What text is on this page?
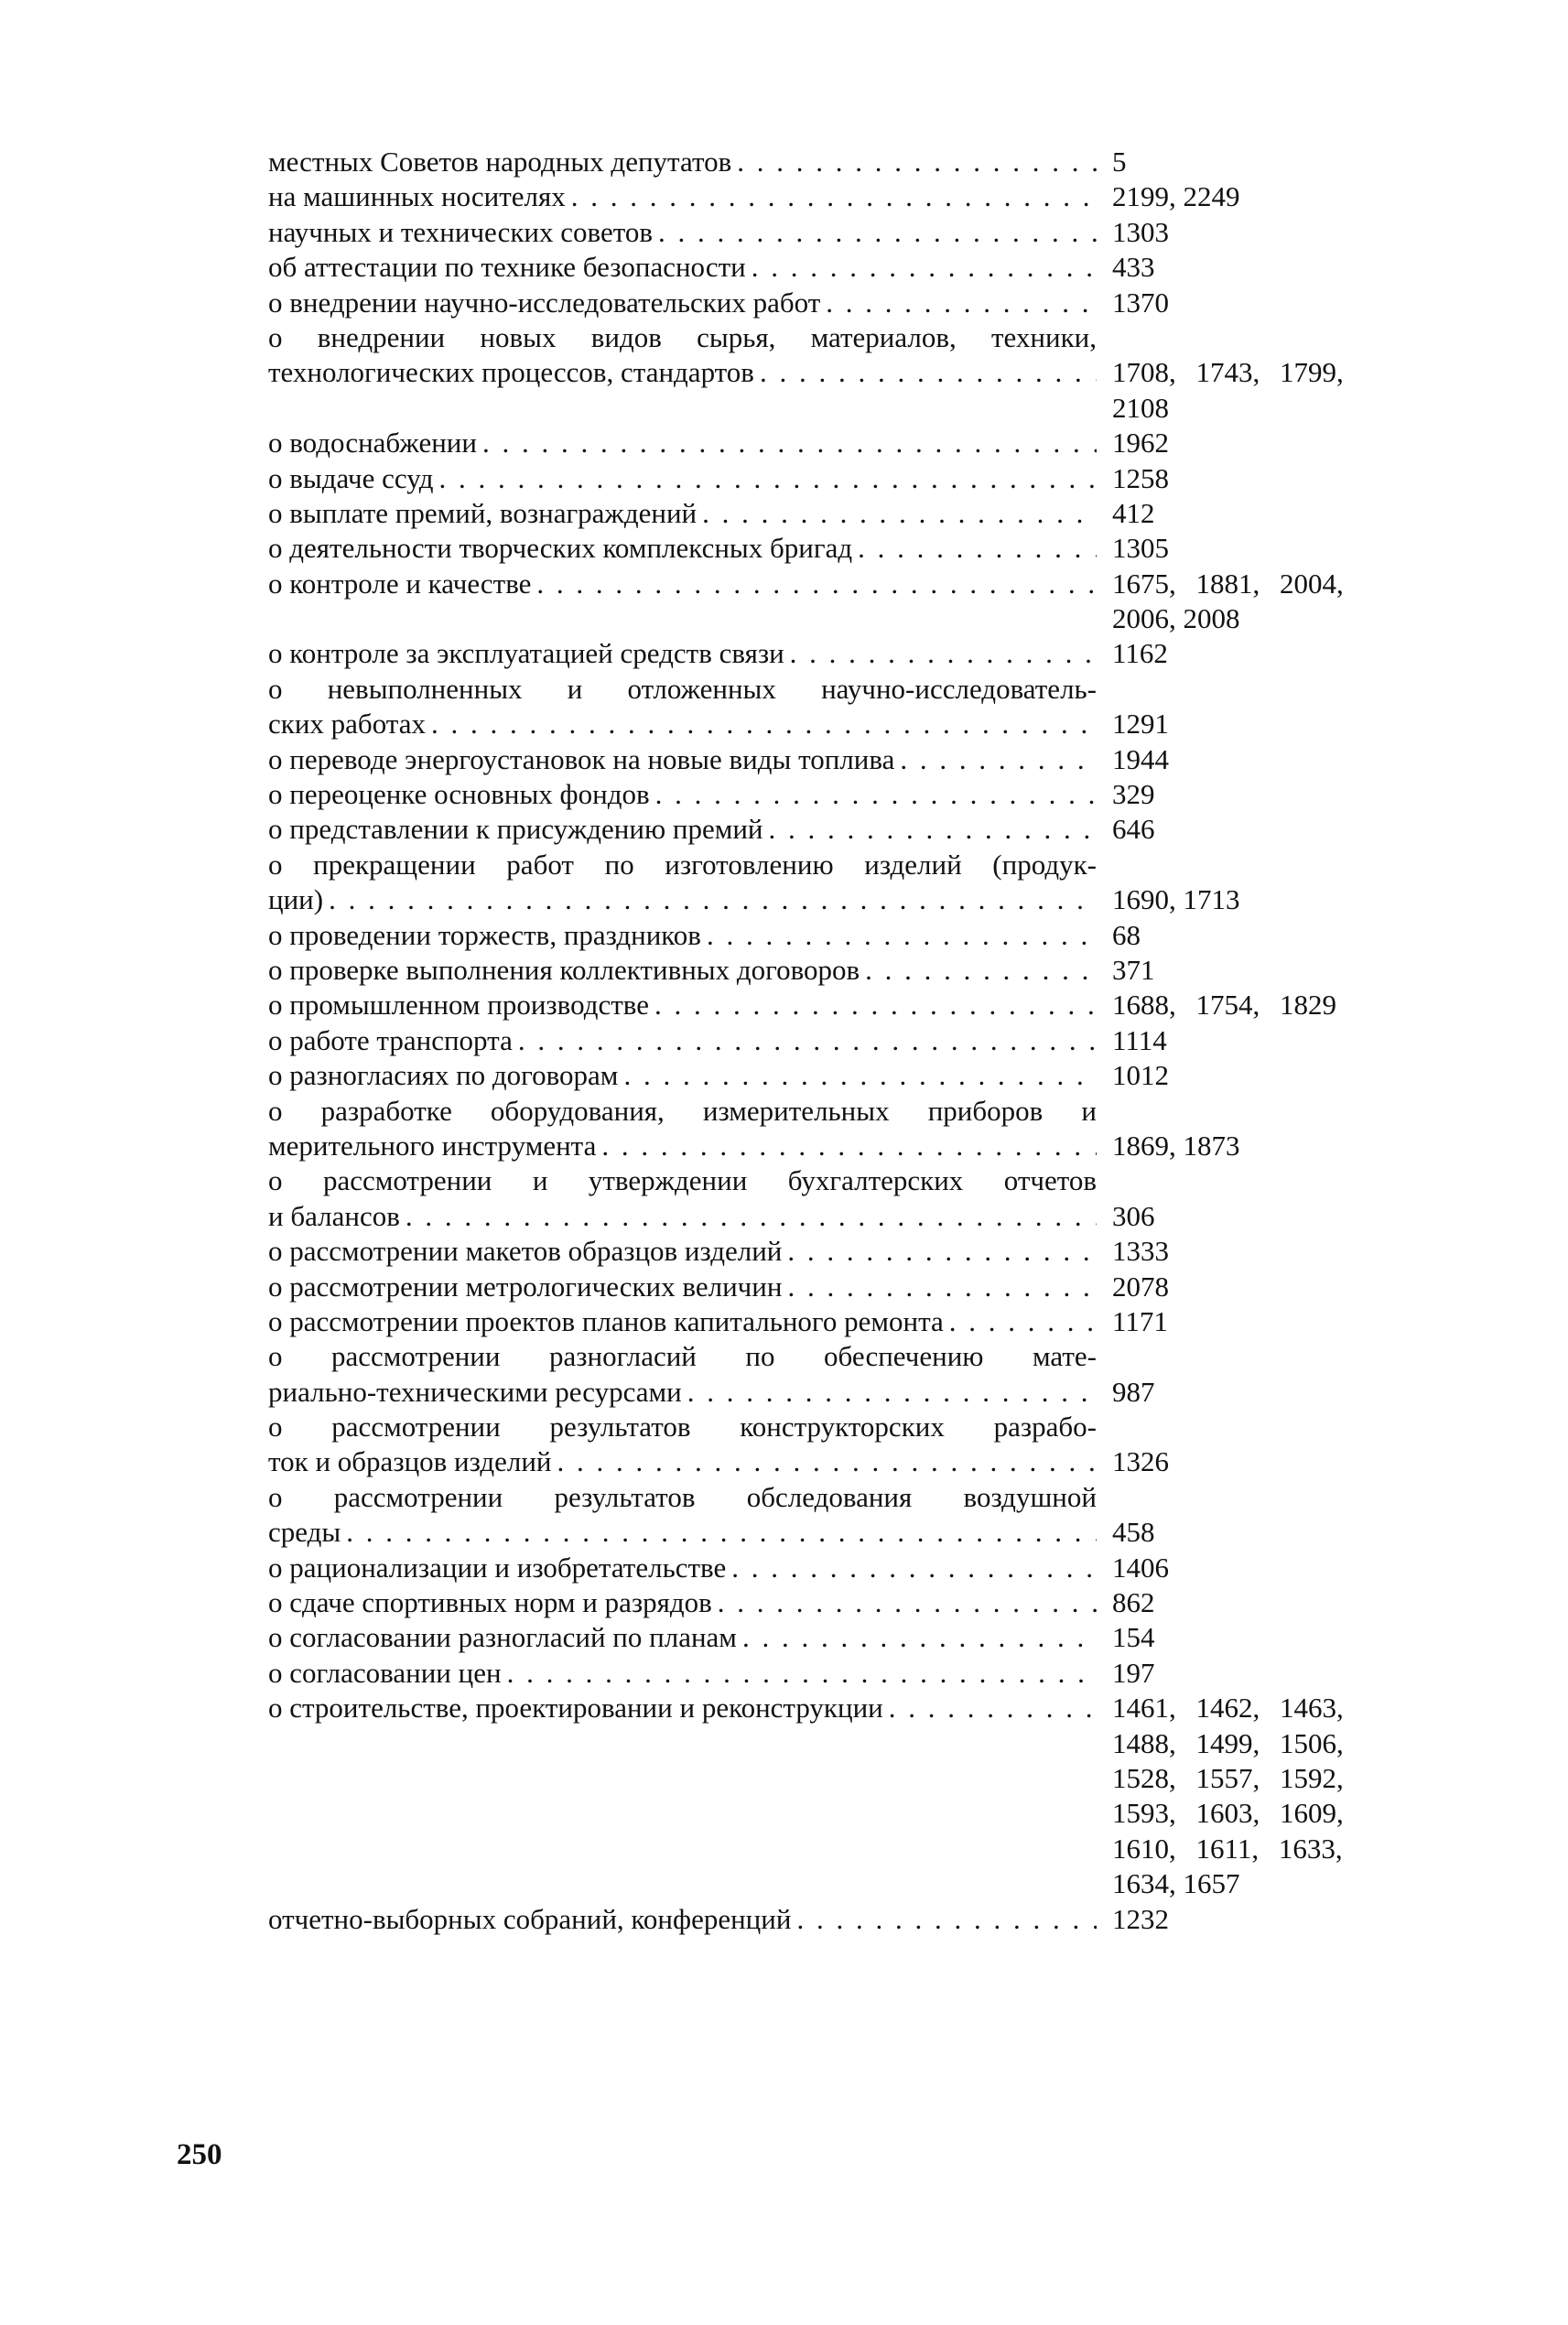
местных Советов народных депутатов . . .	5
на машинных носителях . . .	2199, 2249
научных и технических советов . . .	1303
об аттестации по технике безопасности . . .	433
о внедрении научно-исследовательских работ . . .	1370
о внедрении новых видов сырья, материалов, техники,
технологических процессов, стандартов . . .	1708, 1743, 1799,
2108
о водоснабжении . . .	1962
о выдаче ссуд . . .	1258
о выплате премий, вознаграждений . . .	412
о деятельности творческих комплексных бригад . . .	1305
о контроле и качестве . . .	1675, 1881, 2004,
2006, 2008
о контроле за эксплуатацией средств связи . . .	1162
о невыполненных и отложенных научно-исследователь-
ских работах . . .	1291
о переводе энергоустановок на новые виды топлива . . .	1944
о переоценке основных фондов . . .	329
о представлении к присуждению премий . . .	646
о прекращении работ по изготовлению изделий (продук-
ции) . . .	1690, 1713
о проведении торжеств, праздников . . .	68
о проверке выполнения коллективных договоров . . .	371
о промышленном производстве . . .	1688, 1754, 1829
о работе транспорта . . .	1114
о разногласиях по договорам . . .	1012
о разработке оборудования, измерительных приборов и
мерительного инструмента . . .	1869, 1873
о рассмотрении и утверждении бухгалтерских отчетов
и балансов . . .	306
о рассмотрении макетов образцов изделий . . .	1333
о рассмотрении метрологических величин . . .	2078
о рассмотрении проектов планов капитального ремонта . . .	1171
о рассмотрении разногласий по обеспечению мате-
риально-техническими ресурсами . . .	987
о рассмотрении результатов конструкторских разрабо-
ток и образцов изделий . . .	1326
о рассмотрении результатов обследования воздушной
среды . . .	458
о рационализации и изобретательстве . . .	1406
о сдаче спортивных норм и разрядов . . .	862
о согласовании разногласий по планам . . .	154
о согласовании цен . . .	197
о строительстве, проектировании и реконструкции . . .	1461, 1462, 1463,
1488, 1499, 1506,
1528, 1557, 1592,
1593, 1603, 1609,
1610, 1611, 1633,
1634, 1657
отчетно-выборных собраний, конференций . . .	1232
250
